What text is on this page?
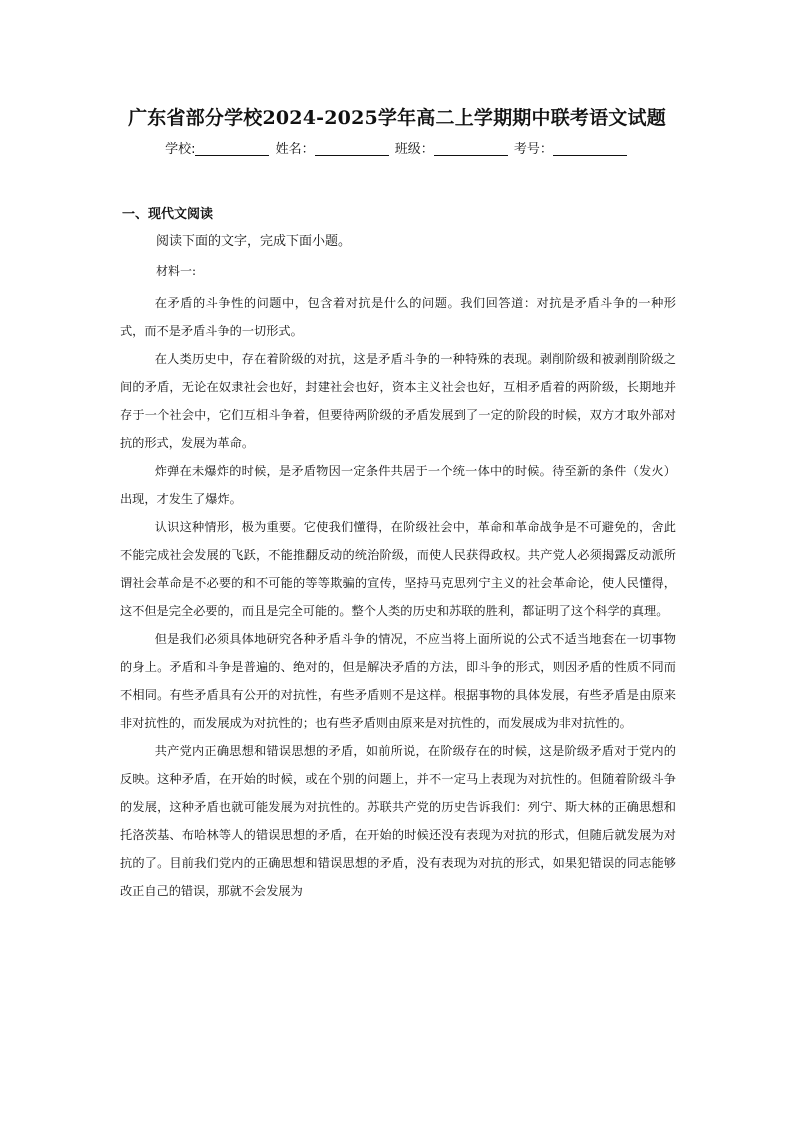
广东省部分学校2024-2025学年高二上学期期中联考语文试题
学校:	姓名：	班级：	考号：
一、现代文阅读
阅读下面的文字，完成下面小题。
材料一:

在矛盾的斗争性的问题中，包含着对抗是什么的问题。我们回答道：对抗是矛盾斗争的一种形式，而不是矛盾斗争的一切形式。

在人类历史中，存在着阶级的对抗，这是矛盾斗争的一种特殊的表现。剥削阶级和被剥削阶级之间的矛盾，无论在奴隶社会也好，封建社会也好，资本主义社会也好，互相矛盾着的两阶级，长期地并存于一个社会中，它们互相斗争着，但要待两阶级的矛盾发展到了一定的阶段的时候，双方才取外部对抗的形式，发展为革命。

炸弹在未爆炸的时候，是矛盾物因一定条件共居于一个统一体中的时候。待至新的条件（发火）出现，才发生了爆炸。

认识这种情形，极为重要。它使我们懂得，在阶级社会中，革命和革命战争是不可避免的，舍此不能完成社会发展的飞跃，不能推翻反动的统治阶级，而使人民获得政权。共产党人必须揭露反动派所谓社会革命是不必要的和不可能的等等欺骗的宣传，坚持马克思列宁主义的社会革命论，使人民懂得，这不但是完全必要的，而且是完全可能的。整个人类的历史和苏联的胜利，都证明了这个科学的真理。

但是我们必须具体地研究各种矛盾斗争的情况，不应当将上面所说的公式不适当地套在一切事物的身上。矛盾和斗争是普遍的、绝对的，但是解决矛盾的方法，即斗争的形式，则因矛盾的性质不同而不相同。有些矛盾具有公开的对抗性，有些矛盾则不是这样。根据事物的具体发展，有些矛盾是由原来非对抗性的，而发展成为对抗性的；也有些矛盾则由原来是对抗性的，而发展成为非对抗性的。

共产党内正确思想和错误思想的矛盾，如前所说，在阶级存在的时候，这是阶级矛盾对于党内的反映。这种矛盾，在开始的时候，或在个别的问题上，并不一定马上表现为对抗性的。但随着阶级斗争的发展，这种矛盾也就可能发展为对抗性的。苏联共产党的历史告诉我们：列宁、斯大林的正确思想和托洛茨基、布哈林等人的错误思想的矛盾，在开始的时候还没有表现为对抗的形式，但随后就发展为对抗的了。目前我们党内的正确思想和错误思想的矛盾，没有表现为对抗的形式，如果犯错误的同志能够改正自己的错误，那就不会发展为
